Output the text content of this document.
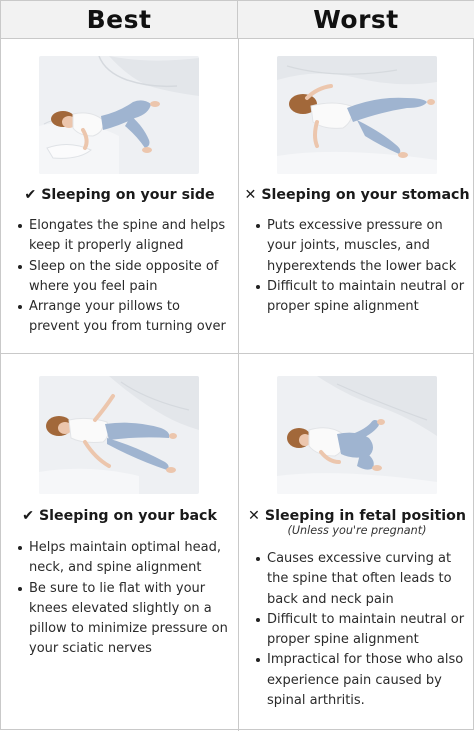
Best	Worst
✔ Sleeping on your side
Elongates the spine and helps keep it properly aligned
Sleep on the side opposite of where you feel pain
Arrange your pillows to prevent you from turning over
✕ Sleeping on your stomach
Puts excessive pressure on your joints, muscles, and hyperextends the lower back
Difficult to maintain neutral or proper spine alignment
✔ Sleeping on your back
Helps maintain optimal head, neck, and spine alignment
Be sure to lie flat with your knees elevated slightly on a pillow to minimize pressure on your sciatic nerves
✕ Sleeping in fetal position
(Unless you're pregnant)
Causes excessive curving at the spine that often leads to back and neck pain
Difficult to maintain neutral or proper spine alignment
Impractical for those who also experience pain caused by spinal arthritis.
